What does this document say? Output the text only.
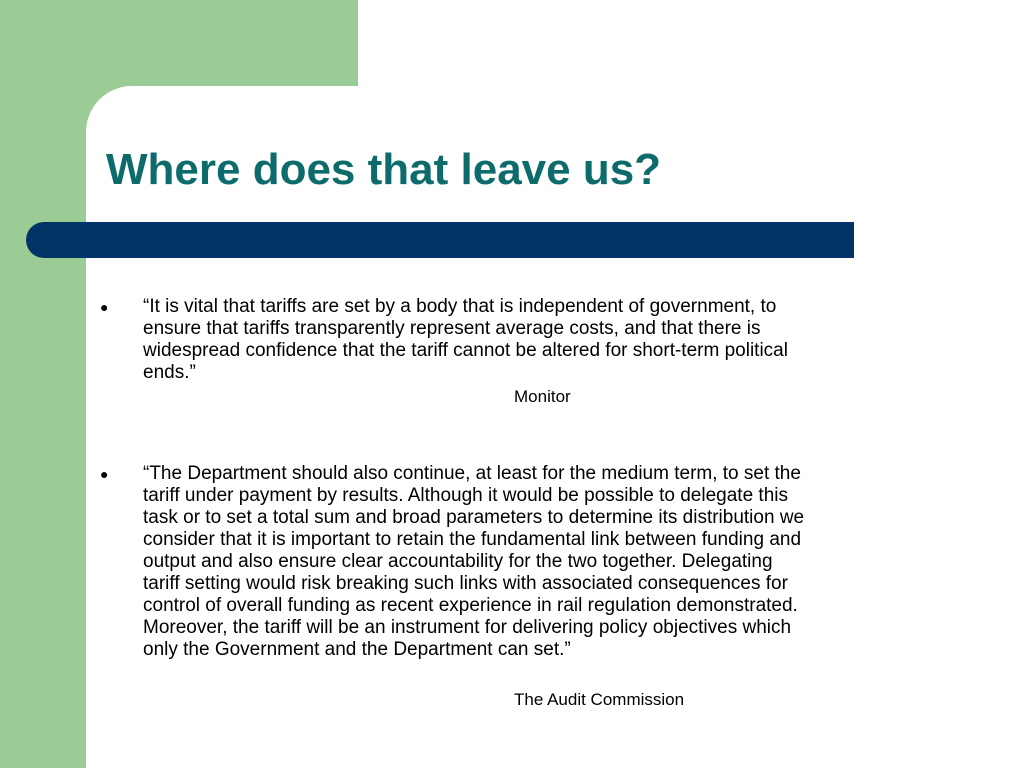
Where does that leave us?
● “It is vital that tariffs are set by a body that is independent of government, to
ensure that tariffs transparently represent average costs, and that there is
widespread confidence that the tariff cannot be altered for short-term political
ends.”
Monitor
● “The Department should also continue, at least for the medium term, to set the
tariff under payment by results. Although it would be possible to delegate this
task or to set a total sum and broad parameters to determine its distribution we
consider that it is important to retain the fundamental link between funding and
output and also ensure clear accountability for the two together. Delegating
tariff setting would risk breaking such links with associated consequences for
control of overall funding as recent experience in rail regulation demonstrated.
Moreover, the tariff will be an instrument for delivering policy objectives which
only the Government and the Department can set.”
The Audit Commission
